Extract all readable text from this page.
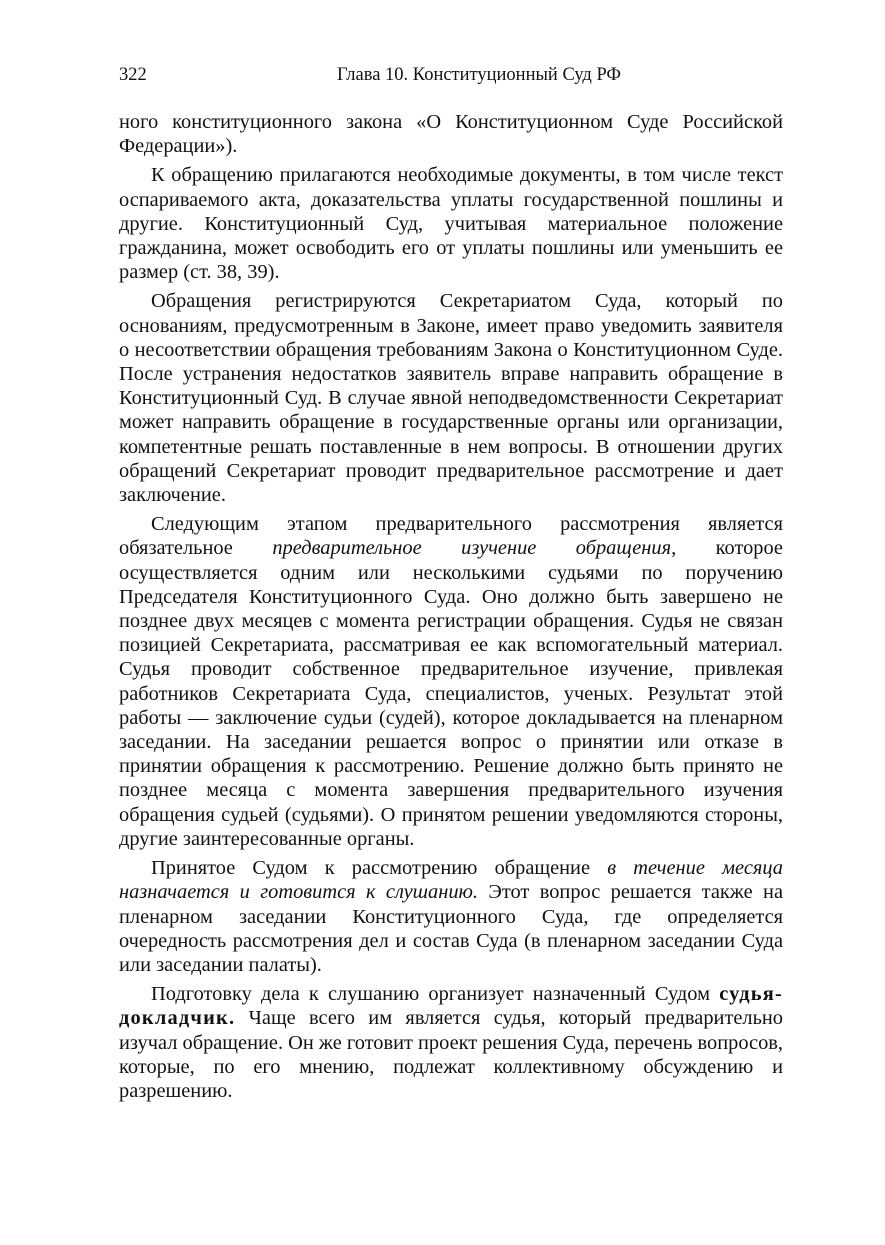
322	Глава 10. Конституционный Суд РФ

ного конституционного закона «О Конституционном Суде Российской Федерации»).

К обращению прилагаются необходимые документы, в том числе текст оспариваемого акта, доказательства уплаты государственной пошлины и другие. Конституционный Суд, учитывая материальное положение гражданина, может освободить его от уплаты пошлины или уменьшить ее размер (ст. 38, 39).

Обращения регистрируются Секретариатом Суда, который по основаниям, предусмотренным в Законе, имеет право уведомить заявителя о несоответствии обращения требованиям Закона о Конституционном Суде. После устранения недостатков заявитель вправе направить обращение в Конституционный Суд. В случае явной неподведомственности Секретариат может направить обращение в государственные органы или организации, компетентные решать поставленные в нем вопросы. В отношении других обращений Секретариат проводит предварительное рассмотрение и дает заключение.

Следующим этапом предварительного рассмотрения является обязательное предварительное изучение обращения, которое осуществляется одним или несколькими судьями по поручению Председателя Конституционного Суда. Оно должно быть завершено не позднее двух месяцев с момента регистрации обращения. Судья не связан позицией Секретариата, рассматривая ее как вспомогательный материал. Судья проводит собственное предварительное изучение, привлекая работников Секретариата Суда, специалистов, ученых. Результат этой работы — заключение судьи (судей), которое докладывается на пленарном заседании. На заседании решается вопрос о принятии или отказе в принятии обращения к рассмотрению. Решение должно быть принято не позднее месяца с момента завершения предварительного изучения обращения судьей (судьями). О принятом решении уведомляются стороны, другие заинтересованные органы.

Принятое Судом к рассмотрению обращение в течение месяца назначается и готовится к слушанию. Этот вопрос решается также на пленарном заседании Конституционного Суда, где определяется очередность рассмотрения дел и состав Суда (в пленарном заседании Суда или заседании палаты).

Подготовку дела к слушанию организует назначенный Судом судья-докладчик. Чаще всего им является судья, который предварительно изучал обращение. Он же готовит проект решения Суда, перечень вопросов, которые, по его мнению, подлежат коллективному обсуждению и разрешению.
